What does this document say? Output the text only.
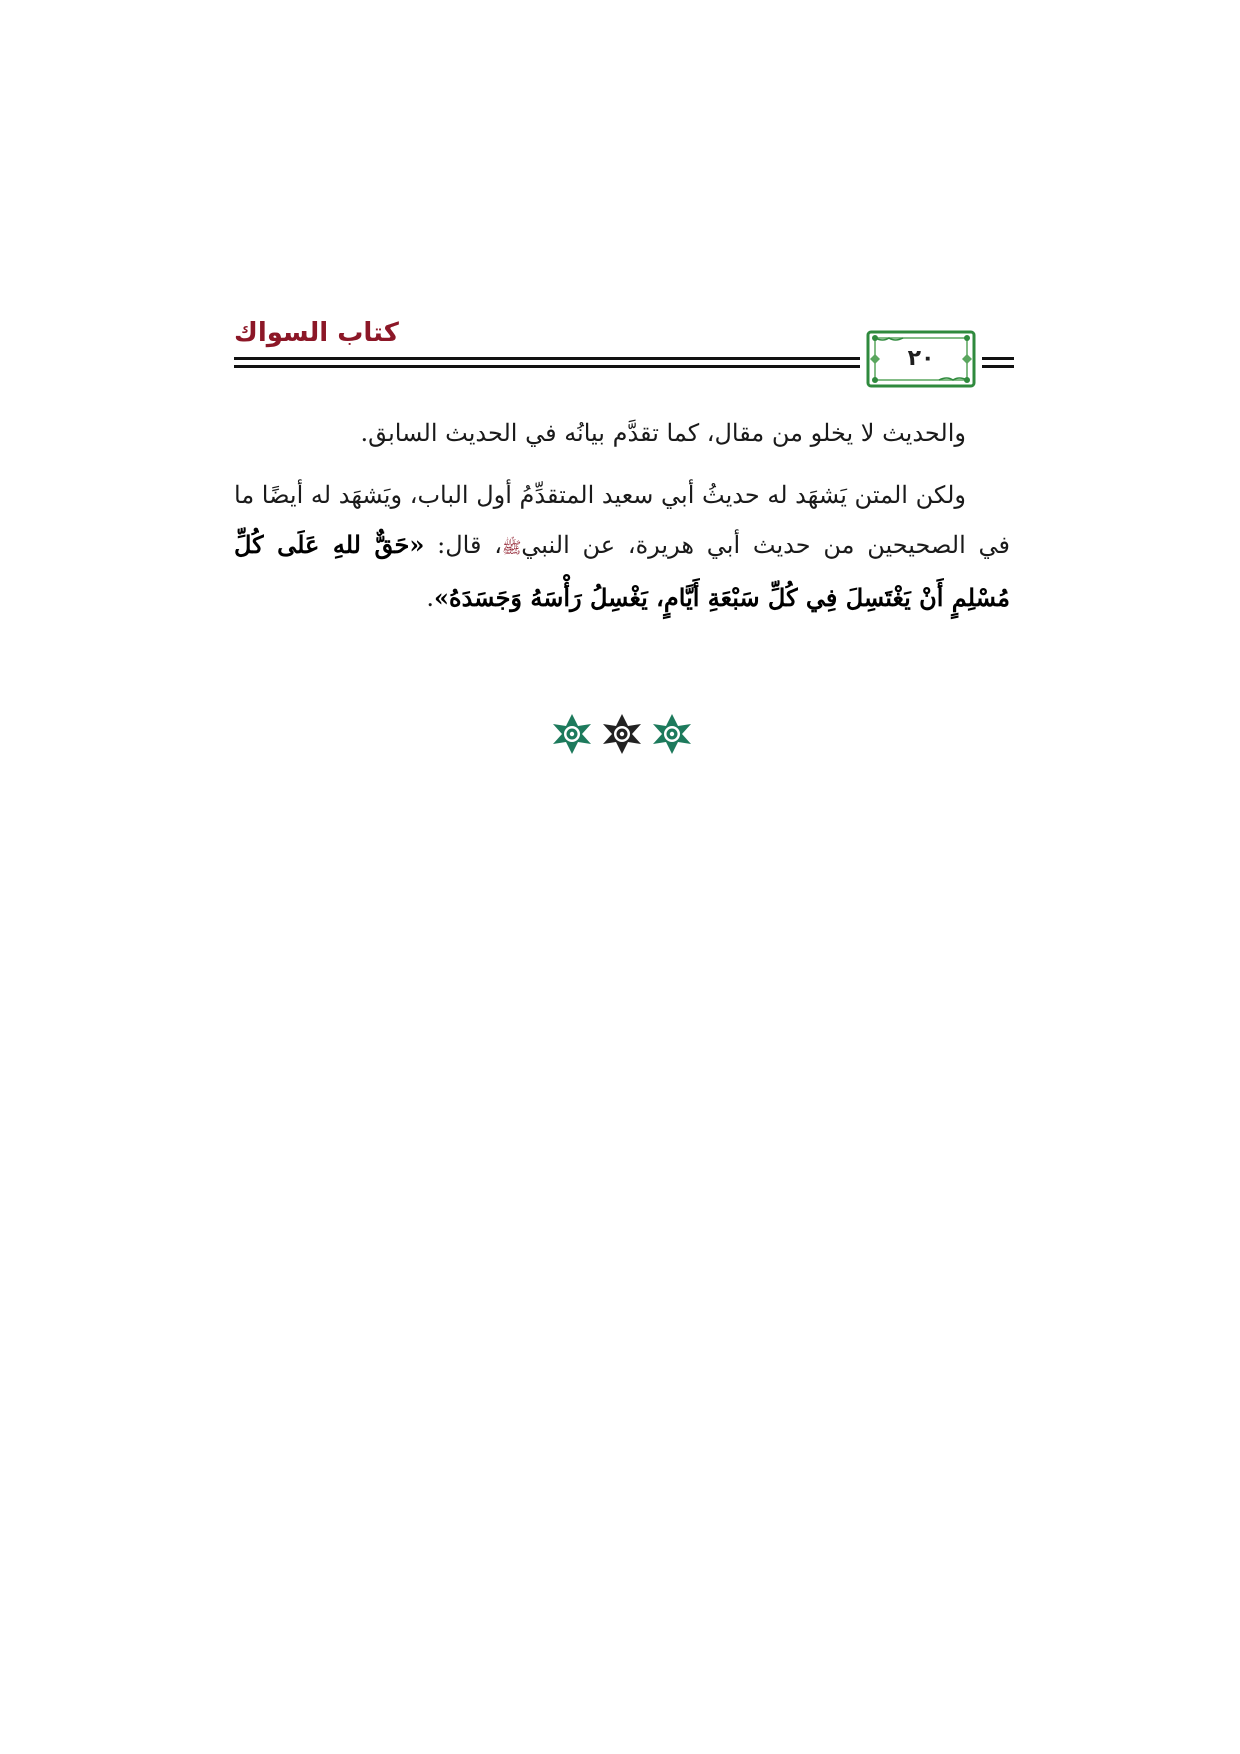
كتاب السواك
٢٠

والحديث لا يخلو من مقال، كما تقدَّم بيانُه في الحديث السابق.

ولكن المتن يَشهَد له حديثُ أبي سعيد المتقدِّمُ أول الباب، ويَشهَد له أيضًا ما في الصحيحين من حديث أبي هريرة، عن النبيﷺ، قال: «حَقٌّ للهِ عَلَى كُلِّ مُسْلِمٍ أَنْ يَغْتَسِلَ فِي كُلِّ سَبْعَةِ أَيَّامٍ، يَغْسِلُ رَأْسَهُ وَجَسَدَهُ».
